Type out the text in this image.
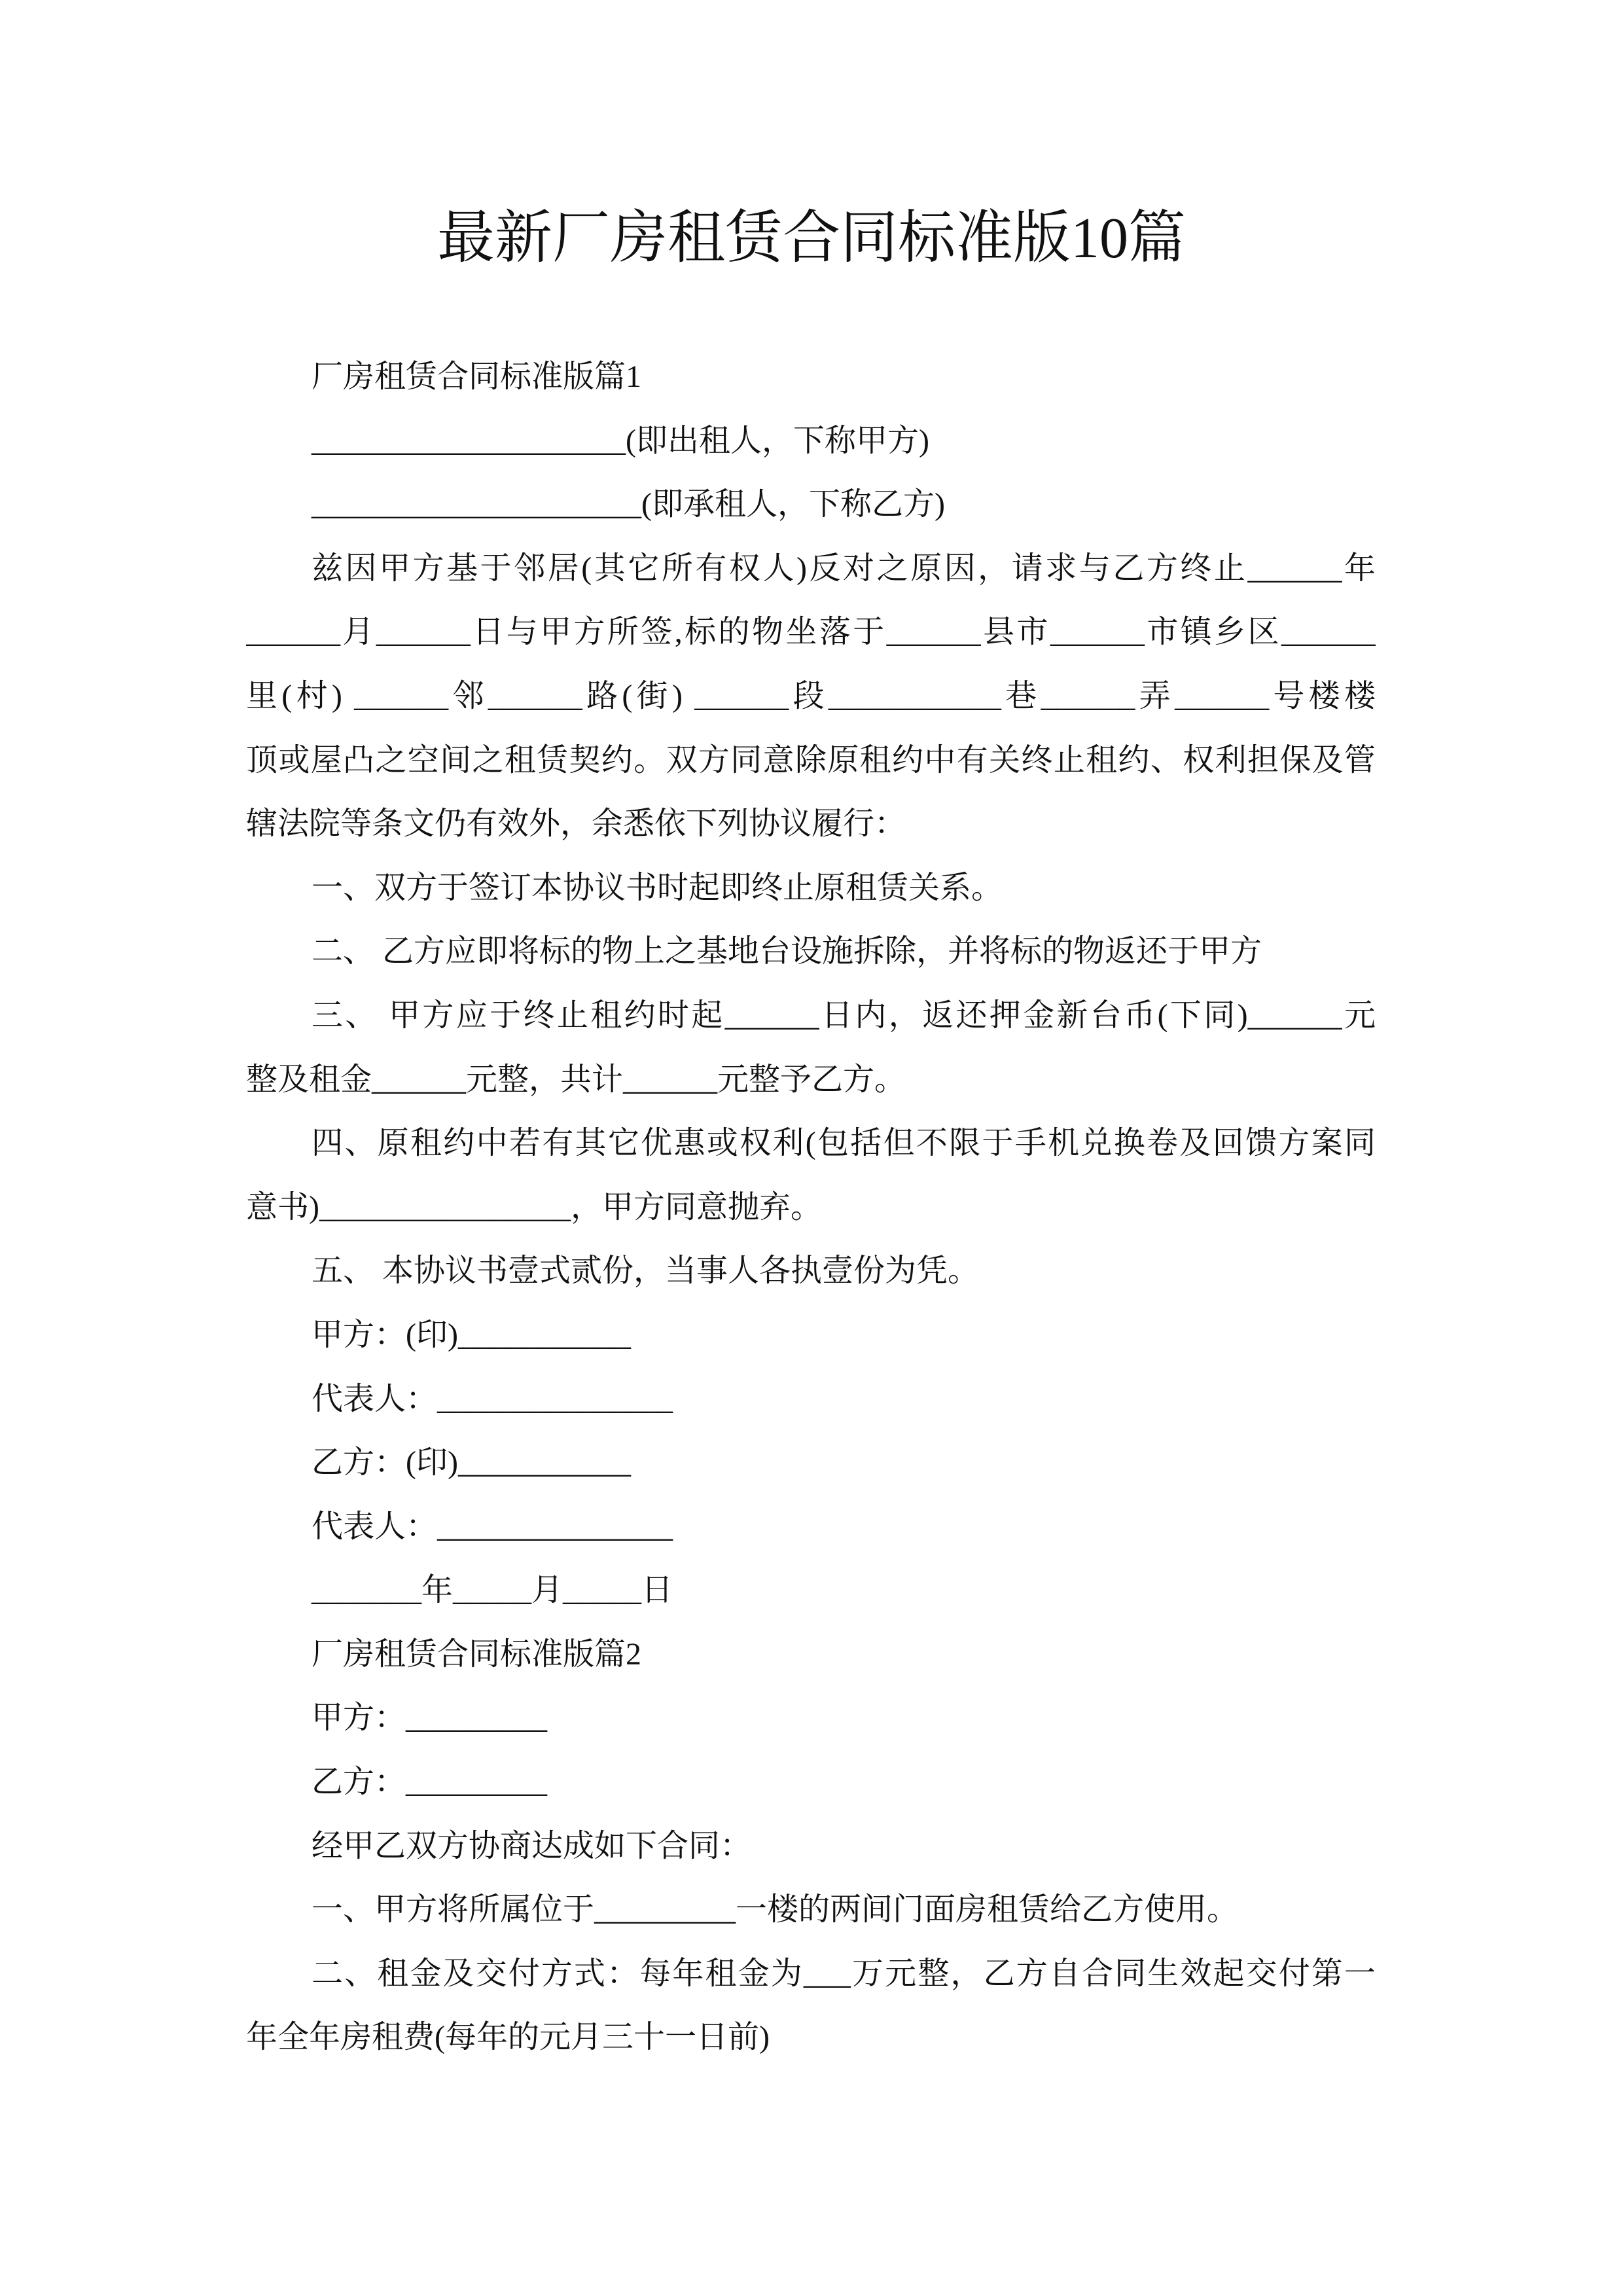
最新厂房租赁合同标准版10篇
厂房租赁合同标准版篇1
____________________(即出租人，下称甲方)
_____________________(即承租人，下称乙方)
兹因甲方基于邻居(其它所有权人)反对之原因，请求与乙方终止______年
______月______日与甲方所签,标的物坐落于______县市______市镇乡区______
里(村) ______邻______路(街) ______段___________巷______弄______号楼楼
顶或屋凸之空间之租赁契约。双方同意除原租约中有关终止租约、权利担保及管
辖法院等条文仍有效外，余悉依下列协议履行：
一、双方于签订本协议书时起即终止原租赁关系。
二、 乙方应即将标的物上之基地台设施拆除，并将标的物返还于甲方
三、 甲方应于终止租约时起______日内，返还押金新台币(下同)______元
整及租金______元整，共计______元整予乙方。
四、原租约中若有其它优惠或权利(包括但不限于手机兑换卷及回馈方案同
意书)________________，甲方同意抛弃。
五、 本协议书壹式贰份，当事人各执壹份为凭。
甲方：(印)___________
代表人：_______________
乙方：(印)___________
代表人：_______________
_______年_____月_____日
厂房租赁合同标准版篇2
甲方：_________
乙方：_________
经甲乙双方协商达成如下合同：
一、甲方将所属位于_________一楼的两间门面房租赁给乙方使用。
二、租金及交付方式：每年租金为___万元整，乙方自合同生效起交付第一
年全年房租费(每年的元月三十一日前)
